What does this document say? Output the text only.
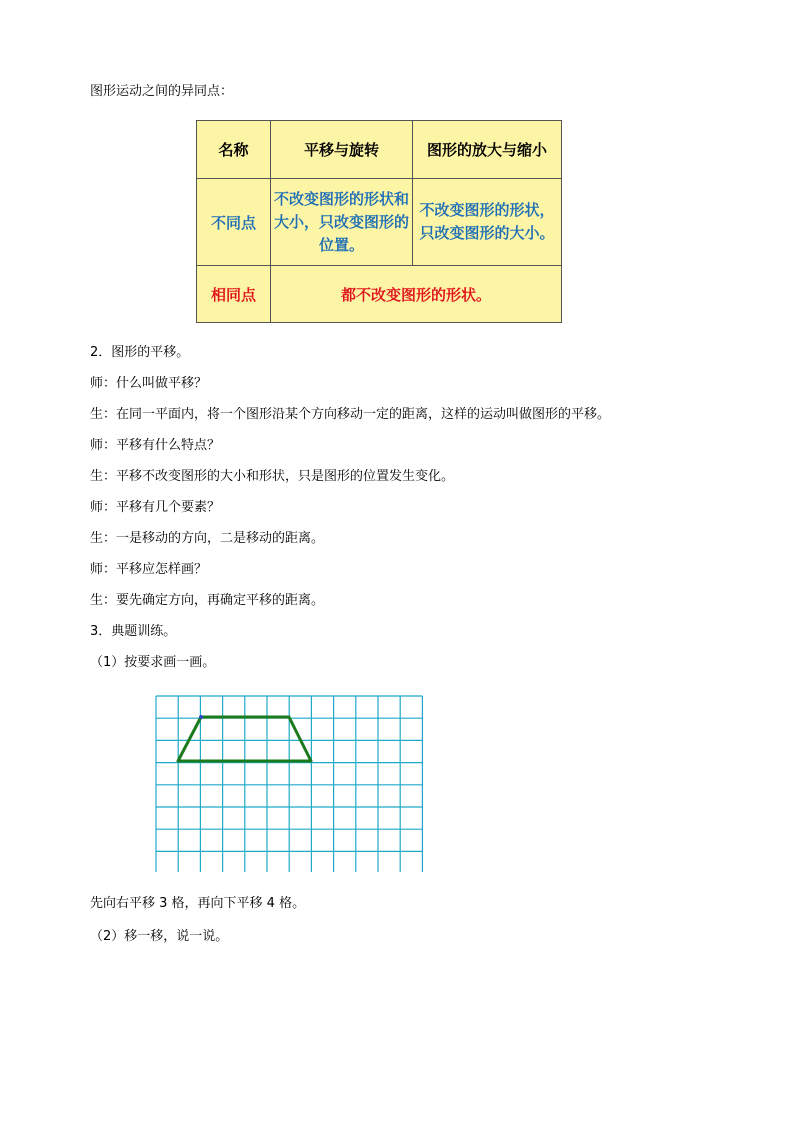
图形运动之间的异同点：
名称	平移与旋转	图形的放大与缩小
不同点	不改变图形的形状和大小，只改变图形的位置。	不改变图形的形状，只改变图形的大小。
相同点	都不改变图形的形状。	
2．图形的平移。
师：什么叫做平移？
生：在同一平面内，将一个图形沿某个方向移动一定的距离，这样的运动叫做图形的平移。
师：平移有什么特点？
生：平移不改变图形的大小和形状，只是图形的位置发生变化。
师：平移有几个要素？
生：一是移动的方向，二是移动的距离。
师：平移应怎样画？
生：要先确定方向，再确定平移的距离。
3．典题训练。
（1）按要求画一画。
先向右平移 3 格，再向下平移 4 格。
（2）移一移，说一说。
